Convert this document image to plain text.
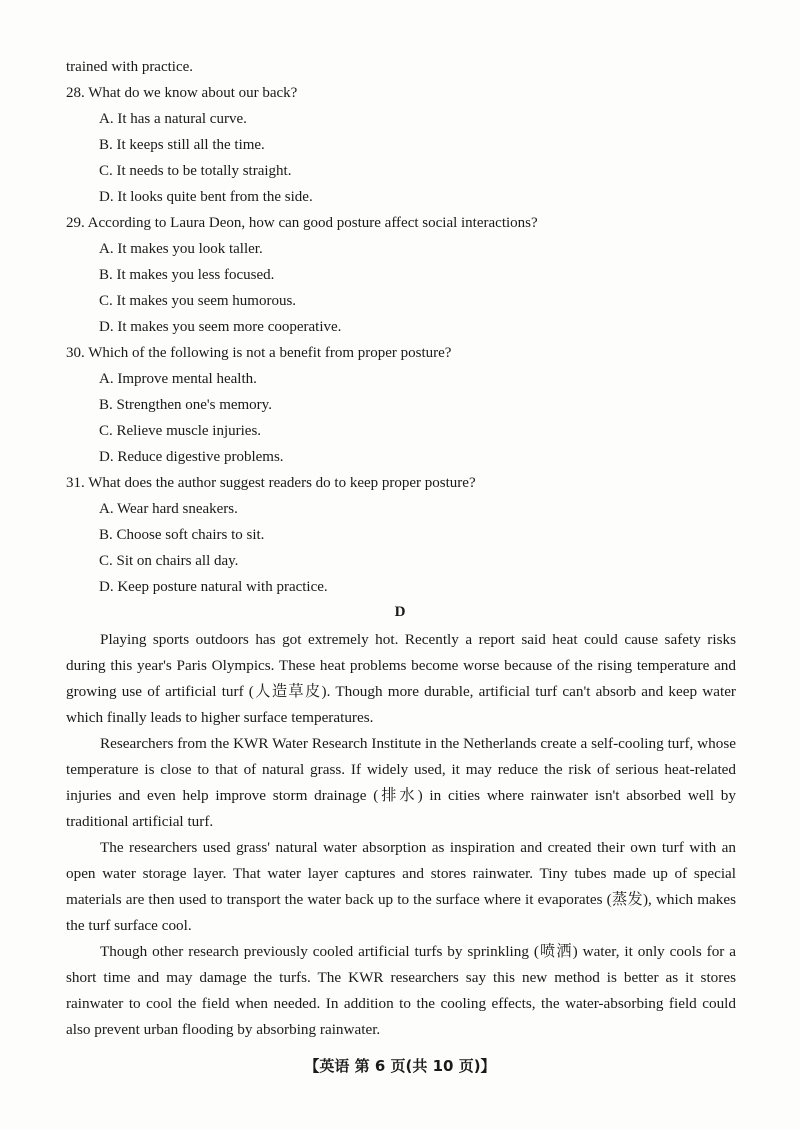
trained with practice.
28. What do we know about our back?
A. It has a natural curve.
B. It keeps still all the time.
C. It needs to be totally straight.
D. It looks quite bent from the side.
29. According to Laura Deon, how can good posture affect social interactions?
A. It makes you look taller.
B. It makes you less focused.
C. It makes you seem humorous.
D. It makes you seem more cooperative.
30. Which of the following is not a benefit from proper posture?
A. Improve mental health.
B. Strengthen one's memory.
C. Relieve muscle injuries.
D. Reduce digestive problems.
31. What does the author suggest readers do to keep proper posture?
A. Wear hard sneakers.
B. Choose soft chairs to sit.
C. Sit on chairs all day.
D. Keep posture natural with practice.
D

Playing sports outdoors has got extremely hot. Recently a report said heat could cause safety risks during this year's Paris Olympics. These heat problems become worse because of the rising temperature and growing use of artificial turf (人造草皮). Though more durable, artificial turf can't absorb and keep water which finally leads to higher surface temperatures.

Researchers from the KWR Water Research Institute in the Netherlands create a self-cooling turf, whose temperature is close to that of natural grass. If widely used, it may reduce the risk of serious heat-related injuries and even help improve storm drainage (排水) in cities where rainwater isn't absorbed well by traditional artificial turf.

The researchers used grass' natural water absorption as inspiration and created their own turf with an open water storage layer. That water layer captures and stores rainwater. Tiny tubes made up of special materials are then used to transport the water back up to the surface where it evaporates (蒸发), which makes the turf surface cool.

Though other research previously cooled artificial turfs by sprinkling (喷洒) water, it only cools for a short time and may damage the turfs. The KWR researchers say this new method is better as it stores rainwater to cool the field when needed. In addition to the cooling effects, the water-absorbing field could also prevent urban flooding by absorbing rainwater.

【英语 第 6 页(共 10 页)】
